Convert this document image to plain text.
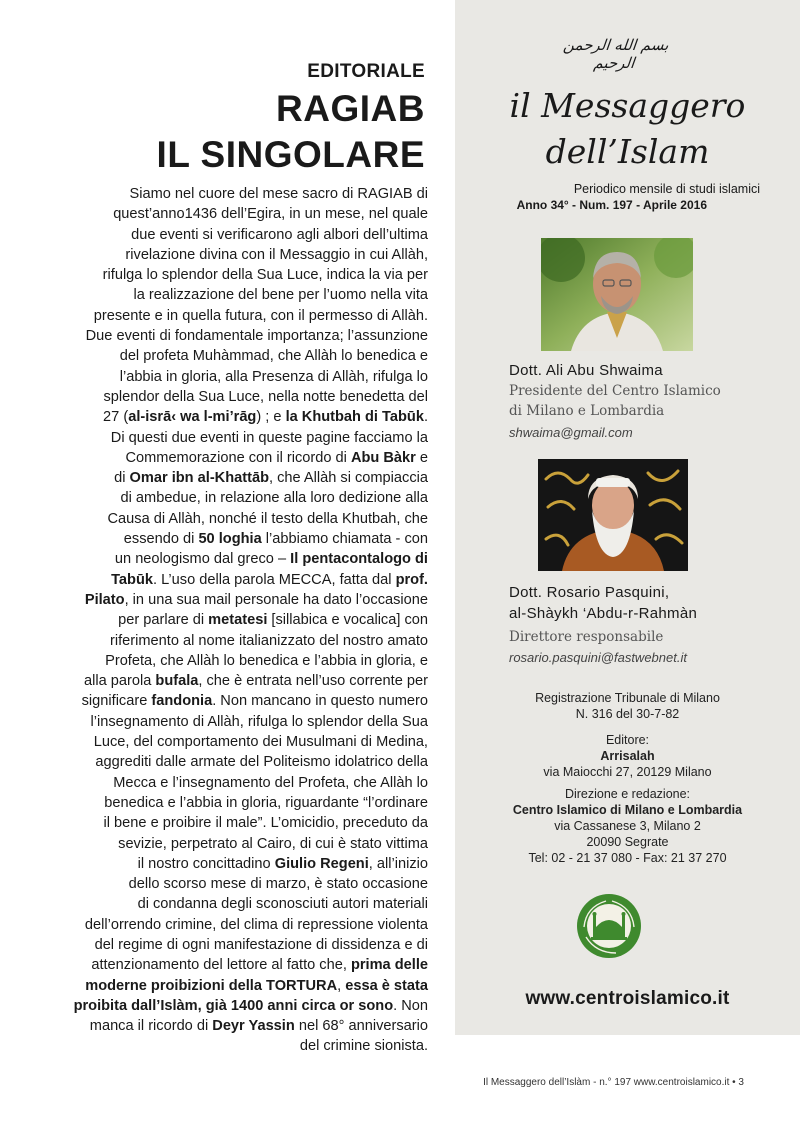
EDITORIALE
RAGIAB
IL SINGOLARE
Siamo nel cuore del mese sacro di RAGIAB di
quest’anno1436 dell’Egira, in un mese, nel quale
due eventi si verificarono agli albori dell’ultima
rivelazione divina con il Messaggio in cui Allàh,
rifulga lo splendor della Sua Luce, indica la via per
la realizzazione del bene per l’uomo nella vita
presente e in quella futura, con il permesso di Allàh.
Due eventi di fondamentale importanza; l’assunzione
del profeta Muhàmmad, che Allàh lo benedica e
l’abbia in gloria, alla Presenza di Allàh, rifulga lo
splendor della Sua Luce, nella notte benedetta del
27 (al-isrā‹ wa l-mi’rāg) ; e la Khutbah di Tabūk.
Di questi due eventi in queste pagine facciamo la
Commemorazione con il ricordo di Abu Bàkr e
di Omar ibn al-Khattāb, che Allàh si compiaccia
di ambedue, in relazione alla loro dedizione alla
Causa di Allàh, nonché il testo della Khutbah, che
essendo di 50 loghia l’abbiamo chiamata - con
un neologismo dal greco – Il pentacontalogo di
Tabūk. L’uso della parola MECCA, fatta dal prof.
Pilato, in una sua mail personale ha dato l’occasione
per parlare di metatesi [sillabica e vocalica] con
riferimento al nome italianizzato del nostro amato
Profeta, che Allàh lo benedica e l’abbia in gloria, e
alla parola bufala, che è entrata nell’uso corrente per
significare fandonia. Non mancano in questo numero
l’insegnamento di Allàh, rifulga lo splendor della Sua
Luce, del comportamento dei Musulmani di Medina,
aggrediti dalle armate del Politeismo idolatrico della
Mecca e l’insegnamento del Profeta, che Allàh lo
benedica e l’abbia in gloria, riguardante “l’ordinare
il bene e proibire il male”. L’omicidio, preceduto da
sevizie, perpetrato al Cairo, di cui è stato vittima
il nostro concittadino Giulio Regeni, all’inizio
dello scorso mese di marzo, è stato occasione
di condanna degli sconosciuti autori materiali
dell’orrendo crimine, del clima di repressione violenta
del regime di ogni manifestazione di dissidenza e di
attenzionamento del lettore al fatto che, prima delle
moderne proibizioni della TORTURA, essa è stata
proibita dall’Islàm, già 1400 anni circa or sono. Non
manca il ricordo di Deyr Yassin nel 68° anniversario
del crimine sionista.
بسم الله الرحمن الرحيم
il Messaggero
dell’Islam
Periodico mensile di studi islamici
Anno 34° - Num. 197 - Aprile 2016
Dott. Ali Abu Shwaima
Presidente del Centro Islamico
di Milano e Lombardia
shwaima@gmail.com
Dott. Rosario Pasquini,
al-Shàykh ‘Abdu-r-Rahmàn
Direttore responsabile
rosario.pasquini@fastwebnet.it
Registrazione Tribunale di Milano
N. 316 del 30-7-82
Editore:
Arrisalah
via Maiocchi 27, 20129 Milano
Direzione e redazione:
Centro Islamico di Milano e Lombardia
via Cassanese 3, Milano 2
20090 Segrate
Tel: 02 - 21 37 080 - Fax: 21 37 270
www.centroislamico.it
Il Messaggero dell’Islàm - n.° 197 www.centroislamico.it • 3
